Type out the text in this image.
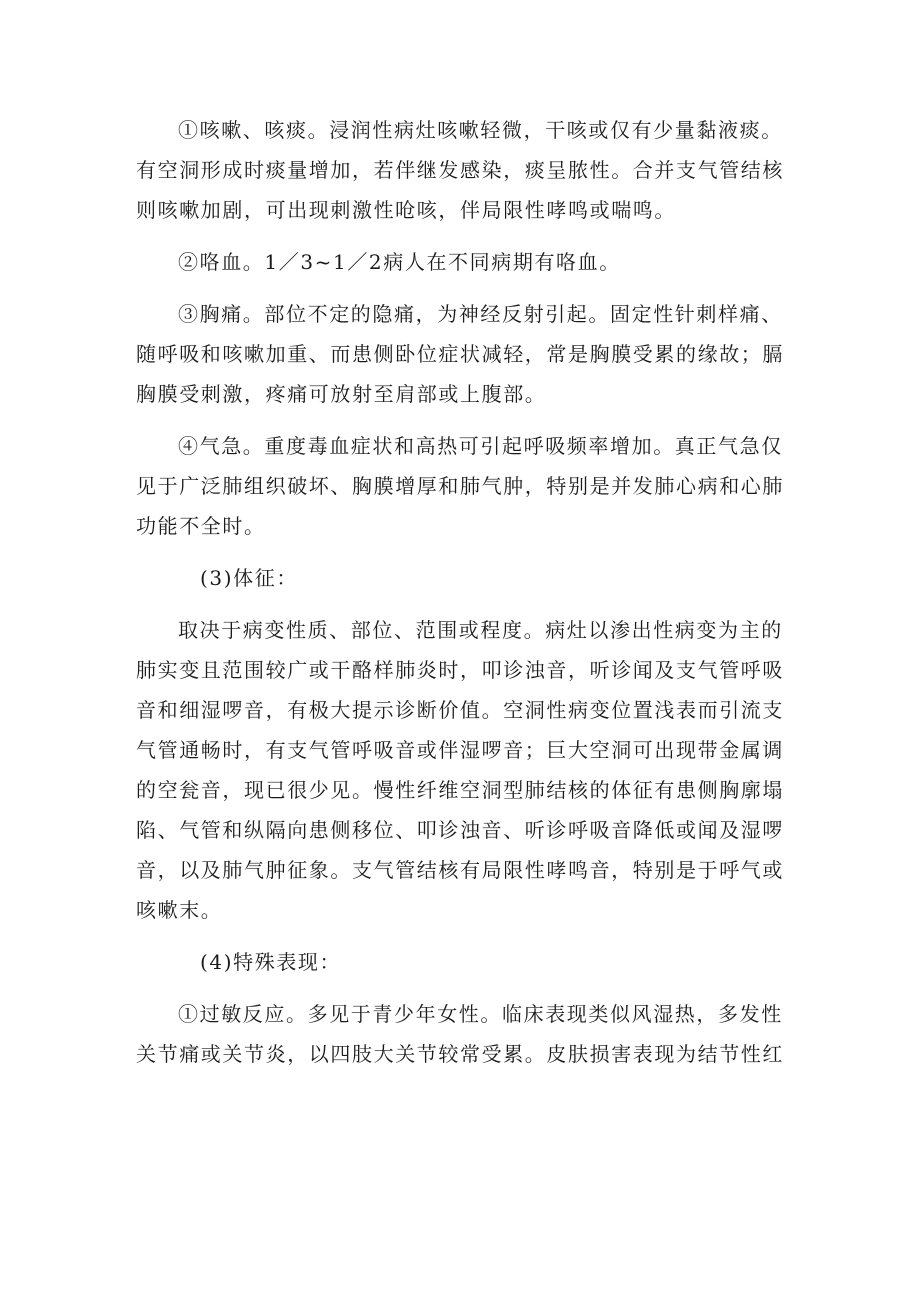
①咳嗽、咳痰。浸润性病灶咳嗽轻微，干咳或仅有少量黏液痰。
有空洞形成时痰量增加，若伴继发感染，痰呈脓性。合并支气管结核
则咳嗽加剧，可出现刺激性呛咳，伴局限性哮鸣或喘鸣。

②咯血。1／3~1／2病人在不同病期有咯血。

③胸痛。部位不定的隐痛，为神经反射引起。固定性针刺样痛、
随呼吸和咳嗽加重、而患侧卧位症状减轻，常是胸膜受累的缘故；膈
胸膜受刺激，疼痛可放射至肩部或上腹部。

④气急。重度毒血症状和高热可引起呼吸频率增加。真正气急仅
见于广泛肺组织破坏、胸膜增厚和肺气肿，特别是并发肺心病和心肺
功能不全时。

(3)体征：

取决于病变性质、部位、范围或程度。病灶以渗出性病变为主的
肺实变且范围较广或干酪样肺炎时，叩诊浊音，听诊闻及支气管呼吸
音和细湿啰音，有极大提示诊断价值。空洞性病变位置浅表而引流支
气管通畅时，有支气管呼吸音或伴湿啰音；巨大空洞可出现带金属调
的空瓮音，现已很少见。慢性纤维空洞型肺结核的体征有患侧胸廓塌
陷、气管和纵隔向患侧移位、叩诊浊音、听诊呼吸音降低或闻及湿啰
音，以及肺气肿征象。支气管结核有局限性哮鸣音，特别是于呼气或
咳嗽末。

(4)特殊表现：

①过敏反应。多见于青少年女性。临床表现类似风湿热，多发性
关节痛或关节炎，以四肢大关节较常受累。皮肤损害表现为结节性红
